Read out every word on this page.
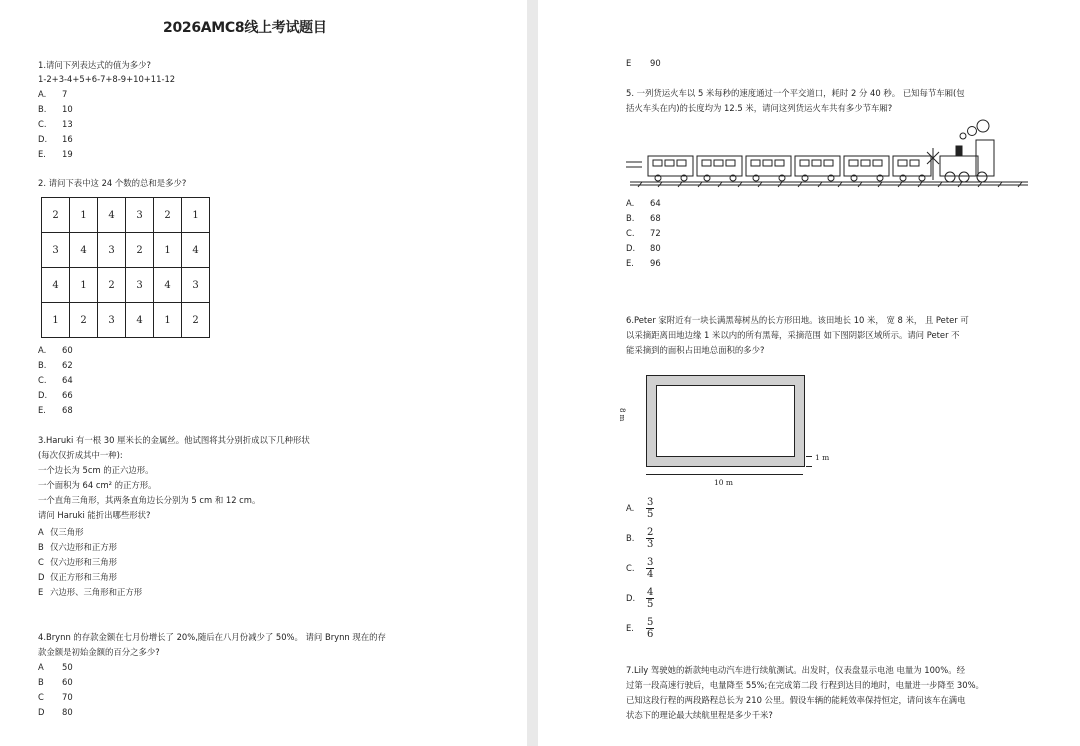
2026AMC8线上考试题目
1.请问下列表达式的值为多少?
1-2+3-4+5+6-7+8-9+10+11-12
A. 7
B. 10
C. 13
D. 16
E. 19
2. 请问下表中这 24 个数的总和是多少?
2	1	4	3	2	1
3	4	3	2	1	4
4	1	2	3	4	3
1	2	3	4	1	2
A. 60
B. 62
C. 64
D. 66
E. 68
3.Haruki 有一根 30 厘米长的金属丝。他试图将其分别折成以下几种形状
(每次仅折成其中一种):
一个边长为 5cm 的正六边形。
一个面积为 64 cm² 的正方形。
一个直角三角形，其两条直角边长分别为 5 cm 和 12 cm。
请问 Haruki 能折出哪些形状?
A 仅三角形
B 仅六边形和正方形
C 仅六边形和三角形
D 仅正方形和三角形
E 六边形、三角形和正方形
4.Brynn 的存款金额在七月份增长了 20%,随后在八月份减少了 50%。 请问 Brynn 现在的存
款金额是初始金额的百分之多少?
A 50
B 60
C 70
D 80
E 90
5. 一列货运火车以 5 米每秒的速度通过一个平交道口，耗时 2 分 40 秒。 已知每节车厢(包
括火车头在内)的长度均为 12.5 米，请问这列货运火车共有多少节车厢?
A. 64
B. 68
C. 72
D. 80
E. 96
6.Peter 家附近有一块长满黑莓树丛的长方形田地。该田地长 10 米， 宽 8 米， 且 Peter 可
以采摘距离田地边缘 1 米以内的所有黑莓，采摘范围 如下图阴影区域所示。请问 Peter 不
能采摘到的面积占田地总面积的多少?
8 m
1 m
10 m
A. $\frac{3}{5}$
B. $\frac{2}{3}$
C. $\frac{3}{4}$
D. $\frac{4}{5}$
E. $\frac{5}{6}$
7.Lily 驾驶她的新款纯电动汽车进行续航测试。出发时，仪表盘显示电池 电量为 100%。经
过第一段高速行驶后，电量降至 55%;在完成第二段 行程到达目的地时，电量进一步降至 30%。
已知这段行程的两段路程总长为 210 公里。假设车辆的能耗效率保持恒定，请问该车在满电
状态下的理论最大续航里程是多少千米?
